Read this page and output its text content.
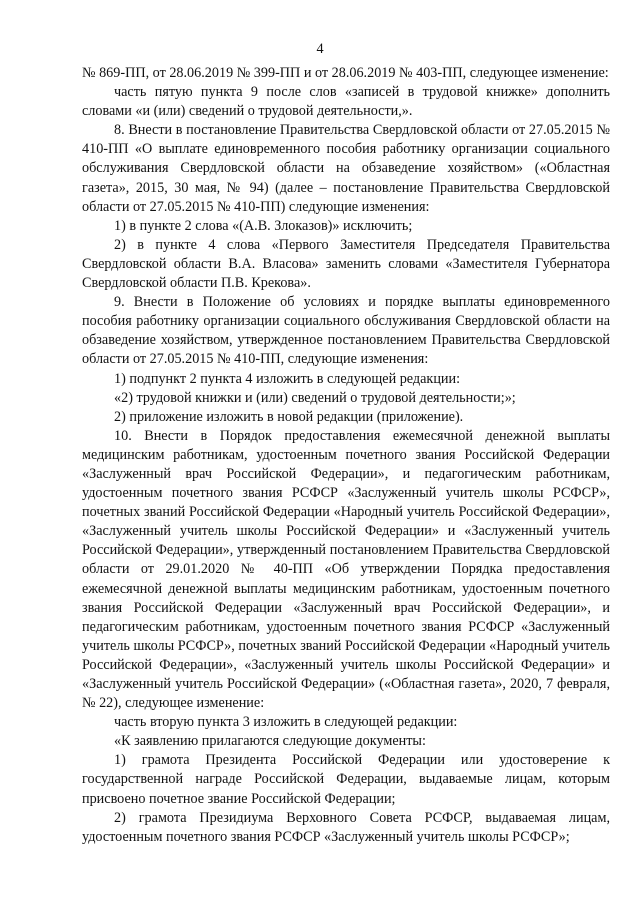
4

№ 869-ПП, от 28.06.2019 № 399-ПП и от 28.06.2019 № 403-ПП, следующее изменение:

часть пятую пункта 9 после слов «записей в трудовой книжке» дополнить словами «и (или) сведений о трудовой деятельности,».

8. Внести в постановление Правительства Свердловской области от 27.05.2015 № 410-ПП «О выплате единовременного пособия работнику организации социального обслуживания Свердловской области на обзаведение хозяйством» («Областная газета», 2015, 30 мая, № 94) (далее – постановление Правительства Свердловской области от 27.05.2015 № 410-ПП) следующие изменения:

1) в пункте 2 слова «(А.В. Злоказов)» исключить;

2) в пункте 4 слова «Первого Заместителя Председателя Правительства Свердловской области В.А. Власова» заменить словами «Заместителя Губернатора Свердловской области П.В. Крекова».

9. Внести в Положение об условиях и порядке выплаты единовременного пособия работнику организации социального обслуживания Свердловской области на обзаведение хозяйством, утвержденное постановлением Правительства Свердловской области от 27.05.2015 № 410-ПП, следующие изменения:

1) подпункт 2 пункта 4 изложить в следующей редакции:

«2) трудовой книжки и (или) сведений о трудовой деятельности;»;

2) приложение изложить в новой редакции (приложение).

10. Внести в Порядок предоставления ежемесячной денежной выплаты медицинским работникам, удостоенным почетного звания Российской Федерации «Заслуженный врач Российской Федерации», и педагогическим работникам, удостоенным почетного звания РСФСР «Заслуженный учитель школы РСФСР», почетных званий Российской Федерации «Народный учитель Российской Федерации», «Заслуженный учитель школы Российской Федерации» и «Заслуженный учитель Российской Федерации», утвержденный постановлением Правительства Свердловской области от 29.01.2020 № 40-ПП «Об утверждении Порядка предоставления ежемесячной денежной выплаты медицинским работникам, удостоенным почетного звания Российской Федерации «Заслуженный врач Российской Федерации», и педагогическим работникам, удостоенным почетного звания РСФСР «Заслуженный учитель школы РСФСР», почетных званий Российской Федерации «Народный учитель Российской Федерации», «Заслуженный учитель школы Российской Федерации» и «Заслуженный учитель Российской Федерации» («Областная газета», 2020, 7 февраля, № 22), следующее изменение:

часть вторую пункта 3 изложить в следующей редакции:

«К заявлению прилагаются следующие документы:

1) грамота Президента Российской Федерации или удостоверение к государственной награде Российской Федерации, выдаваемые лицам, которым присвоено почетное звание Российской Федерации;

2) грамота Президиума Верховного Совета РСФСР, выдаваемая лицам, удостоенным почетного звания РСФСР «Заслуженный учитель школы РСФСР»;
